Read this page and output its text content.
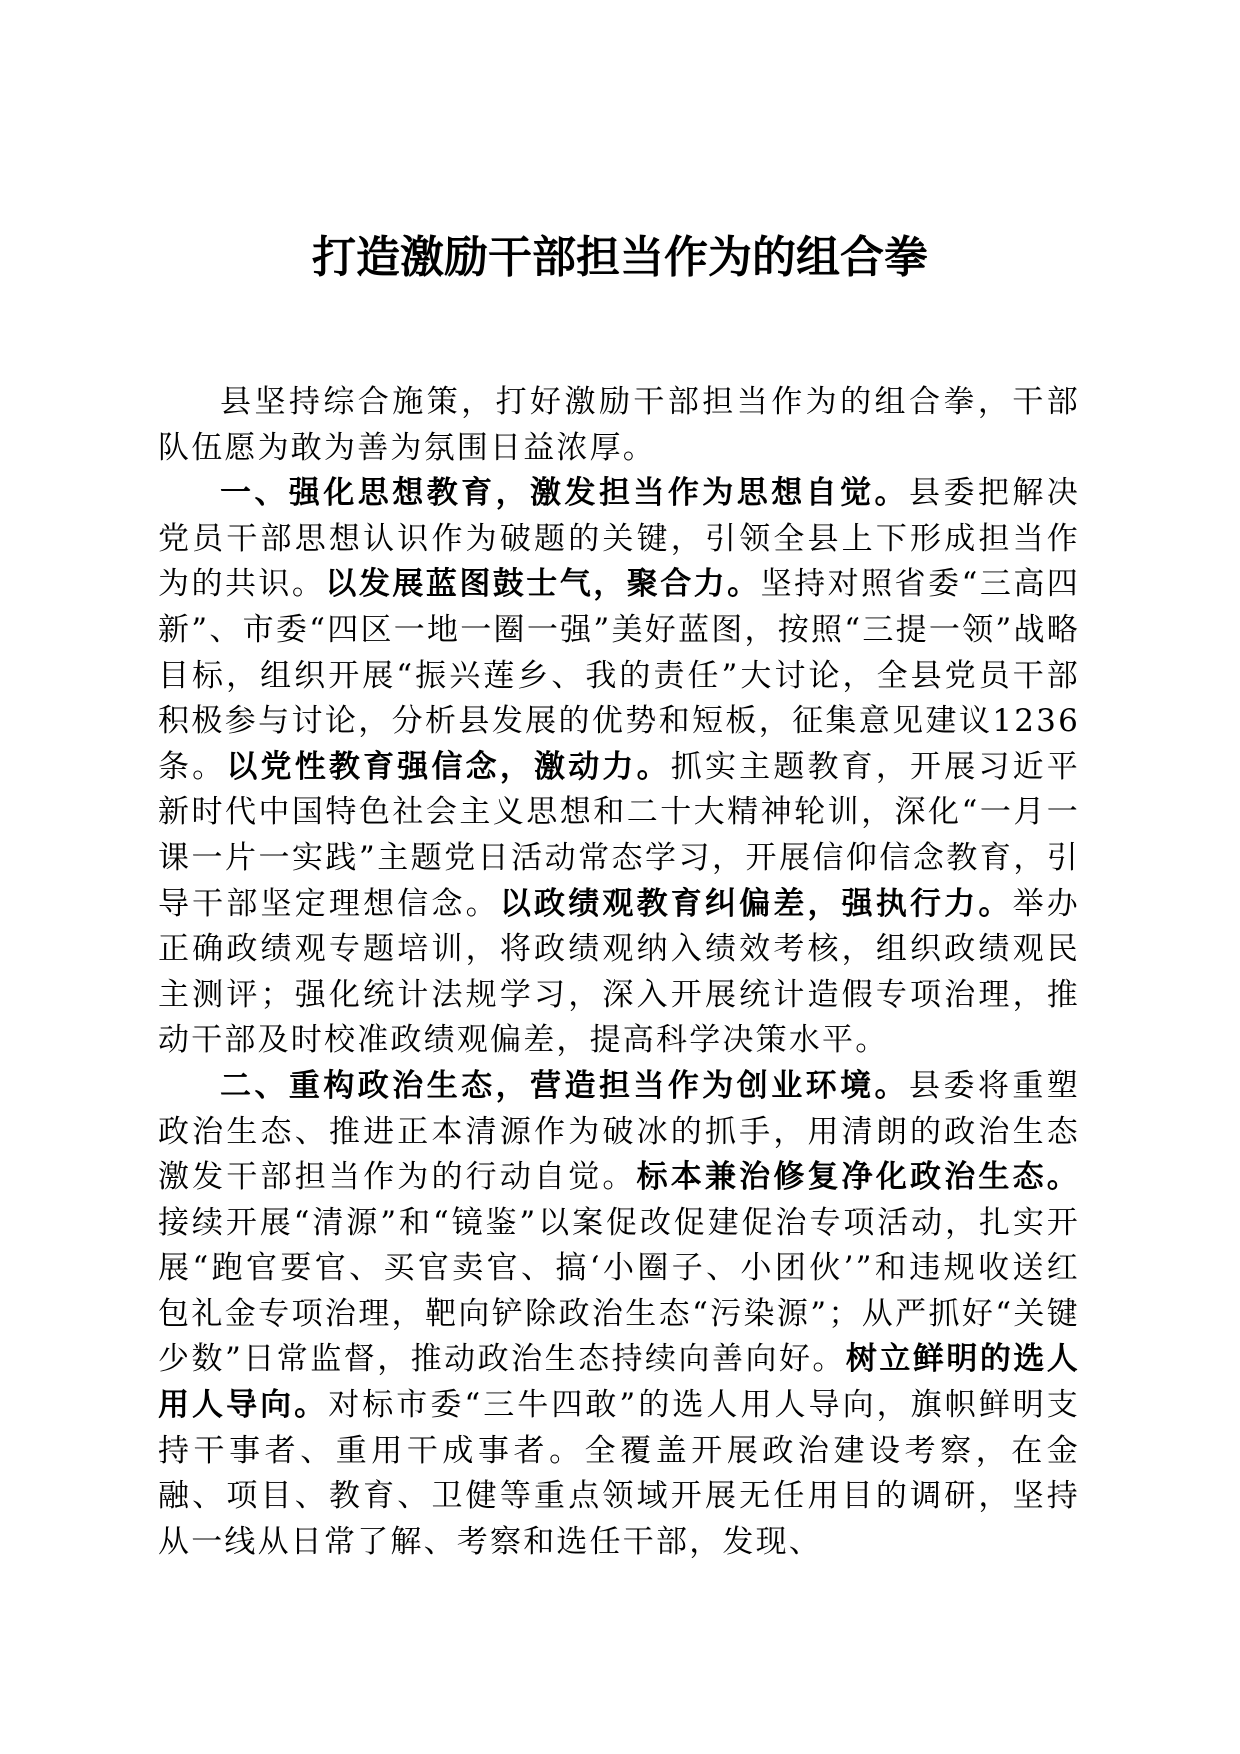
打造激励干部担当作为的组合拳

县坚持综合施策，打好激励干部担当作为的组合拳，干部队伍愿为敢为善为氛围日益浓厚。

一、强化思想教育，激发担当作为思想自觉。县委把解决党员干部思想认识作为破题的关键，引领全县上下形成担当作为的共识。以发展蓝图鼓士气，聚合力。坚持对照省委“三高四新”、市委“四区一地一圈一强”美好蓝图，按照“三提一领”战略目标，组织开展“振兴莲乡、我的责任”大讨论，全县党员干部积极参与讨论，分析县发展的优势和短板，征集意见建议1236条。以党性教育强信念，激动力。抓实主题教育，开展习近平新时代中国特色社会主义思想和二十大精神轮训，深化“一月一课一片一实践”主题党日活动常态学习，开展信仰信念教育，引导干部坚定理想信念。以政绩观教育纠偏差，强执行力。举办正确政绩观专题培训，将政绩观纳入绩效考核，组织政绩观民主测评；强化统计法规学习，深入开展统计造假专项治理，推动干部及时校准政绩观偏差，提高科学决策水平。

二、重构政治生态，营造担当作为创业环境。县委将重塑政治生态、推进正本清源作为破冰的抓手，用清朗的政治生态激发干部担当作为的行动自觉。标本兼治修复净化政治生态。接续开展“清源”和“镜鉴”以案促改促建促治专项活动，扎实开展“跑官要官、买官卖官、搞‘小圈子、小团伙’”和违规收送红包礼金专项治理，靶向铲除政治生态“污染源”；从严抓好“关键少数”日常监督，推动政治生态持续向善向好。树立鲜明的选人用人导向。对标市委“三牛四敢”的选人用人导向，旗帜鲜明支持干事者、重用干成事者。全覆盖开展政治建设考察，在金融、项目、教育、卫健等重点领域开展无任用目的调研，坚持从一线从日常了解、考察和选任干部，发现、
